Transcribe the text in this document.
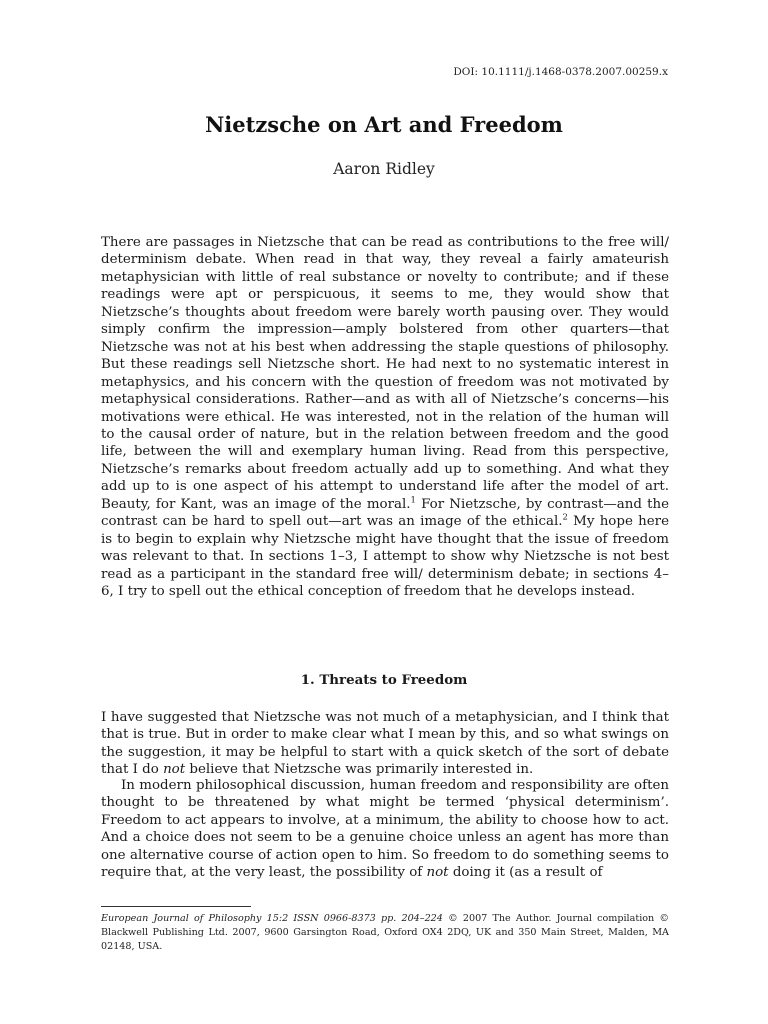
DOI: 10.1111/j.1468-0378.2007.00259.x
Nietzsche on Art and Freedom
Aaron Ridley
There are passages in Nietzsche that can be read as contributions to the free will/ determinism debate. When read in that way, they reveal a fairly amateurish metaphysician with little of real substance or novelty to contribute; and if these readings were apt or perspicuous, it seems to me, they would show that Nietzsche’s thoughts about freedom were barely worth pausing over. They would simply confirm the impression—amply bolstered from other quarters—that Nietzsche was not at his best when addressing the staple questions of philosophy. But these readings sell Nietzsche short. He had next to no systematic interest in metaphysics, and his concern with the question of freedom was not motivated by metaphysical considerations. Rather—and as with all of Nietzsche’s concerns—his motivations were ethical. He was interested, not in the relation of the human will to the causal order of nature, but in the relation between freedom and the good life, between the will and exemplary human living. Read from this perspective, Nietzsche’s remarks about freedom actually add up to something. And what they add up to is one aspect of his attempt to understand life after the model of art. Beauty, for Kant, was an image of the moral.$^1$ For Nietzsche, by contrast—and the contrast can be hard to spell out—art was an image of the ethical.$^2$ My hope here is to begin to explain why Nietzsche might have thought that the issue of freedom was relevant to that. In sections 1–3, I attempt to show why Nietzsche is not best read as a participant in the standard free will/ determinism debate; in sections 4–6, I try to spell out the ethical conception of freedom that he develops instead.
1. Threats to Freedom

I have suggested that Nietzsche was not much of a metaphysician, and I think that that is true. But in order to make clear what I mean by this, and so what swings on the suggestion, it may be helpful to start with a quick sketch of the sort of debate that I do not believe that Nietzsche was primarily interested in.

In modern philosophical discussion, human freedom and responsibility are often thought to be threatened by what might be termed ‘physical determinism’. Freedom to act appears to involve, at a minimum, the ability to choose how to act. And a choice does not seem to be a genuine choice unless an agent has more than one alternative course of action open to him. So freedom to do something seems to require that, at the very least, the possibility of not doing it (as a result of

European Journal of Philosophy 15:2 ISSN 0966-8373 pp. 204–224 © 2007 The Author. Journal compilation © Blackwell Publishing Ltd. 2007, 9600 Garsington Road, Oxford OX4 2DQ, UK and 350 Main Street, Malden, MA 02148, USA.
